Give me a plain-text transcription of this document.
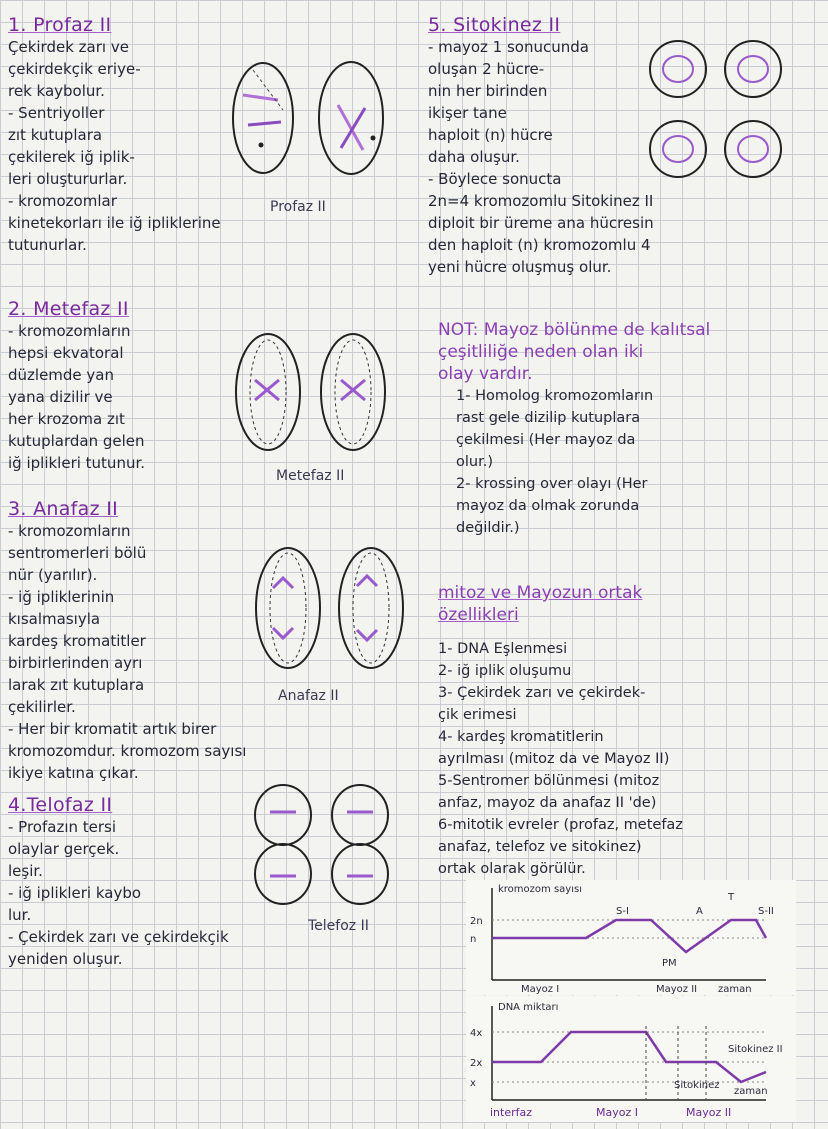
1. Profaz II
Çekirdek zarı ve
çekirdekçik eriye-
rek kaybolur.
- Sentriyoller
zıt kutuplara
çekilerek iğ iplik-
leri oluştururlar.
- kromozomlar
kinetekorları ile iğ ipliklerine
tutunurlar.
Profaz II
2. Metefaz II
- kromozomların
hepsi ekvatoral
düzlemde yan
yana dizilir ve
her krozoma zıt
kutuplardan gelen
iğ iplikleri tutunur.
Metefaz II
3. Anafaz II
- kromozomların
sentromerleri bölü
nür (yarılır).
- iğ ipliklerinin
kısalmasıyla
kardeş kromatitler
birbirlerinden ayrı
larak zıt kutuplara
çekilirler.
- Her bir kromatit artık birer
kromozomdur. kromozom sayısı
ikiye katına çıkar.
Anafaz II
4.Telofaz II
- Profazın tersi
olaylar gerçek.
leşir.
- iğ iplikleri kaybo
lur.
- Çekirdek zarı ve çekirdekçik
yeniden oluşur.
Telefoz II
5. Sitokinez II
- mayoz 1 sonucunda
oluşan 2 hücre-
nin her birinden
ikişer tane
haploit (n) hücre
daha oluşur.
- Böylece sonucta
2n=4 kromozomlu Sitokinez II
diploit bir üreme ana hücresin
den haploit (n) kromozomlu 4
yeni hücre oluşmuş olur.
NOT: Mayoz bölünme de kalıtsal
çeşitliliğe neden olan iki
olay vardır.
1- Homolog kromozomların
rast gele dizilip kutuplara
çekilmesi (Her mayoz da
olur.)
2- krossing over olayı (Her
mayoz da olmak zorunda
değildir.)
mitoz ve Mayozun ortak
özellikleri
1- DNA Eşlenmesi
2- iğ iplik oluşumu
3- Çekirdek zarı ve çekirdek-
çik erimesi
4- kardeş kromatitlerin
ayrılması (mitoz da ve Mayoz II)
5-Sentromer bölünmesi (mitoz
anfaz, mayoz da anafaz II 'de)
6-mitotik evreler (profaz, metefaz
anafaz, telefoz ve sitokinez)
ortak olarak görülür.
kromozom sayısı
2n
n
S-I	A
T
S-II
PM
Mayoz I	Mayoz II zaman
DNA miktarı
4x
2x
x	Sitokinez
Sitokinez II
zaman
interfaz	Mayoz I	Mayoz II
